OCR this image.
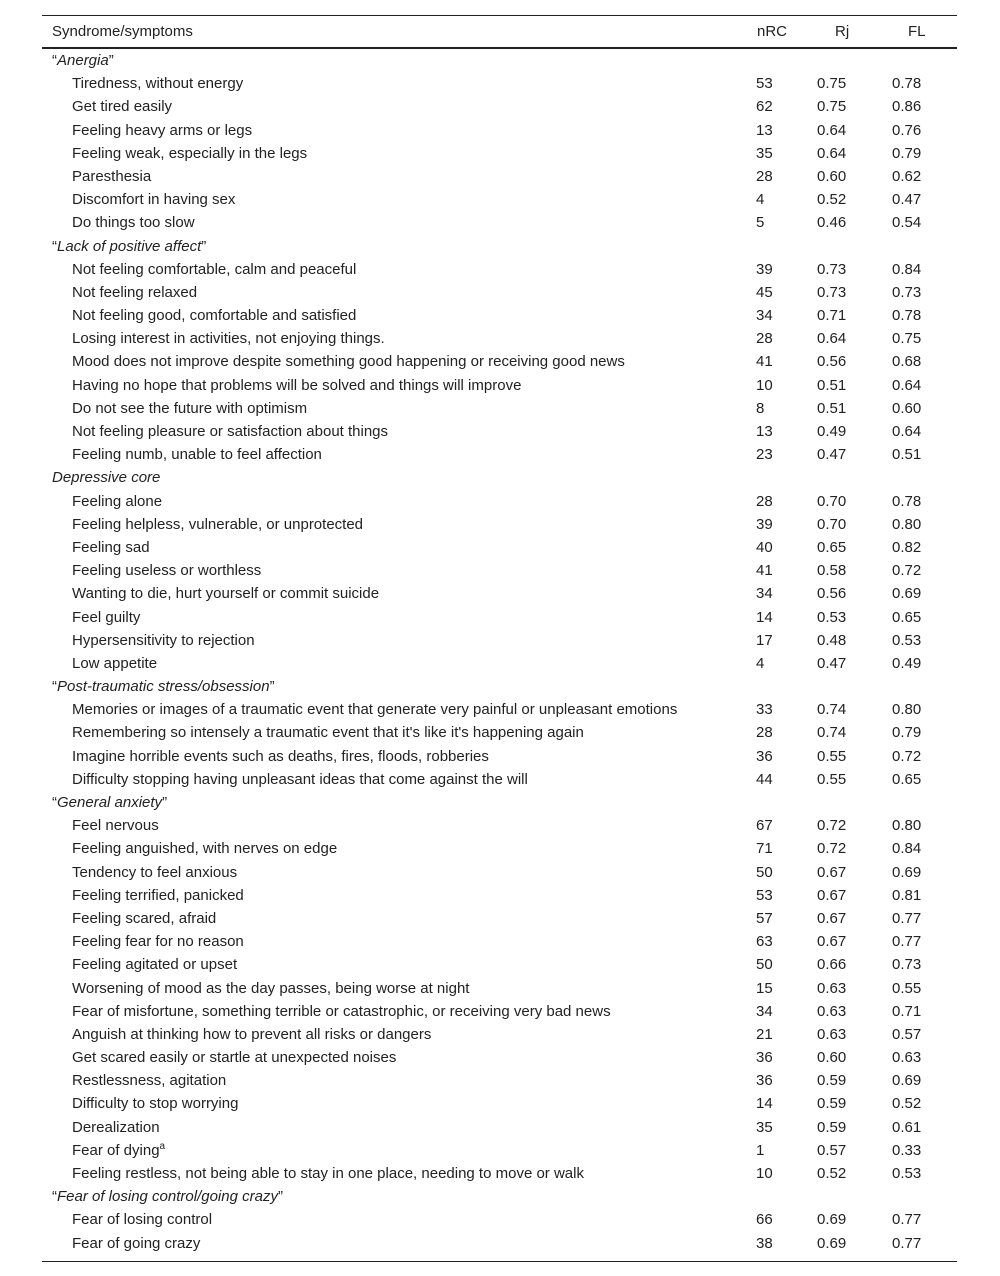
Syndrome/symptoms	nRC	Rj	FL
“Anergia”
Tiredness, without energy	53	0.75	0.78
Get tired easily	62	0.75	0.86
Feeling heavy arms or legs	13	0.64	0.76
Feeling weak, especially in the legs	35	0.64	0.79
Paresthesia	28	0.60	0.62
Discomfort in having sex	4	0.52	0.47
Do things too slow	5	0.46	0.54
“Lack of positive affect”
Not feeling comfortable, calm and peaceful	39	0.73	0.84
Not feeling relaxed	45	0.73	0.73
Not feeling good, comfortable and satisfied	34	0.71	0.78
Losing interest in activities, not enjoying things.	28	0.64	0.75
Mood does not improve despite something good happening or receiving good news	41	0.56	0.68
Having no hope that problems will be solved and things will improve	10	0.51	0.64
Do not see the future with optimism	8	0.51	0.60
Not feeling pleasure or satisfaction about things	13	0.49	0.64
Feeling numb, unable to feel affection	23	0.47	0.51
Depressive core
Feeling alone	28	0.70	0.78
Feeling helpless, vulnerable, or unprotected	39	0.70	0.80
Feeling sad	40	0.65	0.82
Feeling useless or worthless	41	0.58	0.72
Wanting to die, hurt yourself or commit suicide	34	0.56	0.69
Feel guilty	14	0.53	0.65
Hypersensitivity to rejection	17	0.48	0.53
Low appetite	4	0.47	0.49
“Post-traumatic stress/obsession”
Memories or images of a traumatic event that generate very painful or unpleasant emotions	33	0.74	0.80
Remembering so intensely a traumatic event that it's like it's happening again	28	0.74	0.79
Imagine horrible events such as deaths, fires, floods, robberies	36	0.55	0.72
Difficulty stopping having unpleasant ideas that come against the will	44	0.55	0.65
“General anxiety”
Feel nervous	67	0.72	0.80
Feeling anguished, with nerves on edge	71	0.72	0.84
Tendency to feel anxious	50	0.67	0.69
Feeling terrified, panicked	53	0.67	0.81
Feeling scared, afraid	57	0.67	0.77
Feeling fear for no reason	63	0.67	0.77
Feeling agitated or upset	50	0.66	0.73
Worsening of mood as the day passes, being worse at night	15	0.63	0.55
Fear of misfortune, something terrible or catastrophic, or receiving very bad news	34	0.63	0.71
Anguish at thinking how to prevent all risks or dangers	21	0.63	0.57
Get scared easily or startle at unexpected noises	36	0.60	0.63
Restlessness, agitation	36	0.59	0.69
Difficulty to stop worrying	14	0.59	0.52
Derealization	35	0.59	0.61
Fear of dying$^a$	1	0.57	0.33
Feeling restless, not being able to stay in one place, needing to move or walk	10	0.52	0.53
“Fear of losing control/going crazy”
Fear of losing control	66	0.69	0.77
Fear of going crazy	38	0.69	0.77
